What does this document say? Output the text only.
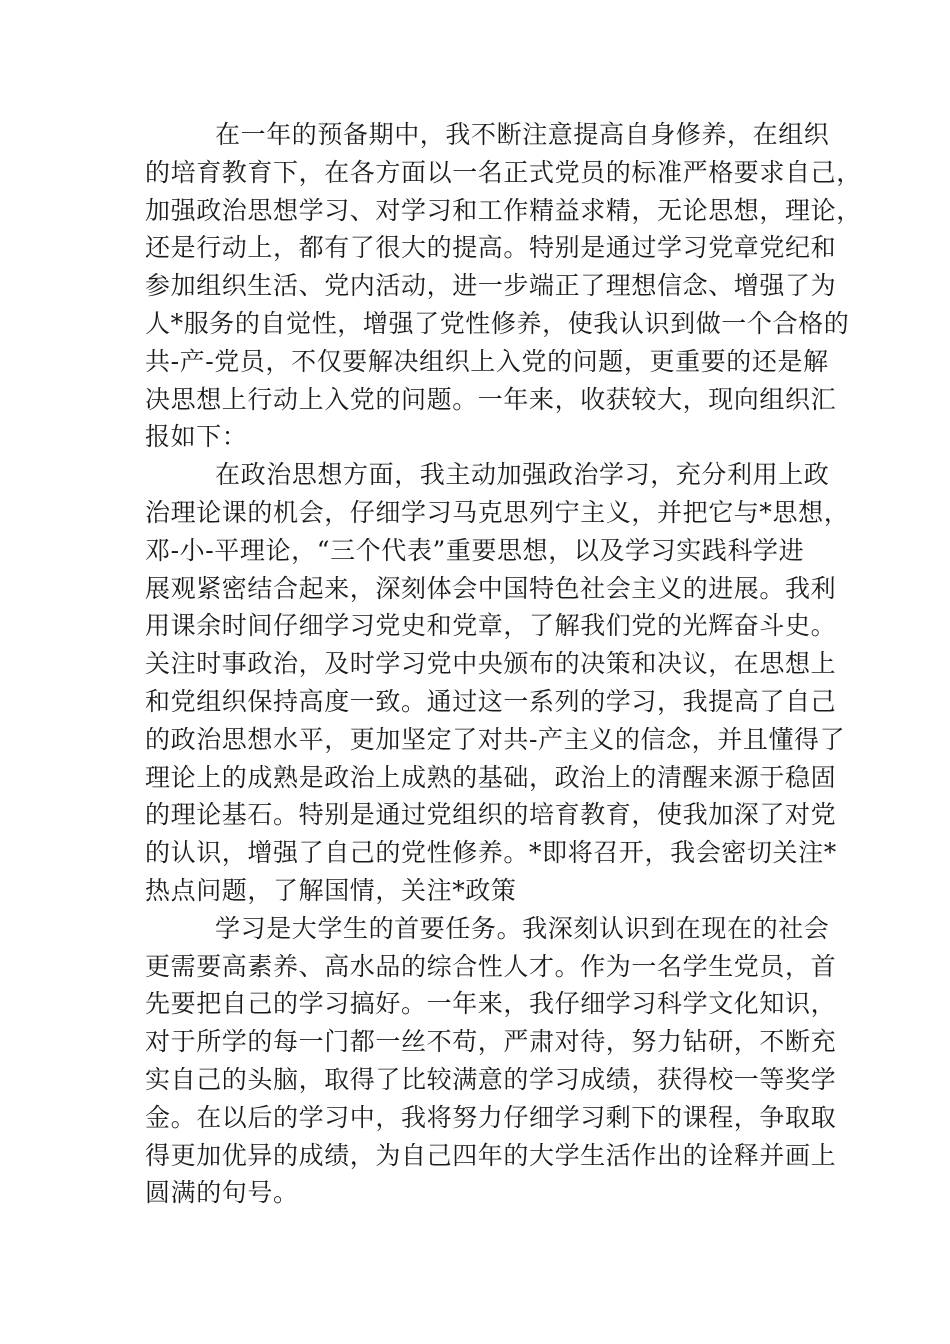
在一年的预备期中，我不断注意提高自身修养，在组织
的培育教育下，在各方面以一名正式党员的标准严格要求自己，
加强政治思想学习、对学习和工作精益求精，无论思想，理论，
还是行动上，都有了很大的提高。特别是通过学习党章党纪和
参加组织生活、党内活动，进一步端正了理想信念、增强了为
人*服务的自觉性，增强了党性修养，使我认识到做一个合格的
共-产-党员，不仅要解决组织上入党的问题，更重要的还是解
决思想上行动上入党的问题。一年来，收获较大，现向组织汇
报如下：
在政治思想方面，我主动加强政治学习，充分利用上政
治理论课的机会，仔细学习马克思列宁主义，并把它与*思想，
邓-小-平理论，“三个代表”重要思想，以及学习实践科学进
展观紧密结合起来，深刻体会中国特色社会主义的进展。我利
用课余时间仔细学习党史和党章，了解我们党的光辉奋斗史。
关注时事政治，及时学习党中央颁布的决策和决议，在思想上
和党组织保持高度一致。通过这一系列的学习，我提高了自己
的政治思想水平，更加坚定了对共-产主义的信念，并且懂得了
理论上的成熟是政治上成熟的基础，政治上的清醒来源于稳固
的理论基石。特别是通过党组织的培育教育，使我加深了对党
的认识，增强了自己的党性修养。*即将召开，我会密切关注*
热点问题，了解国情，关注*政策
学习是大学生的首要任务。我深刻认识到在现在的社会
更需要高素养、高水品的综合性人才。作为一名学生党员，首
先要把自己的学习搞好。一年来，我仔细学习科学文化知识，
对于所学的每一门都一丝不苟，严肃对待，努力钻研，不断充
实自己的头脑，取得了比较满意的学习成绩，获得校一等奖学
金。在以后的学习中，我将努力仔细学习剩下的课程，争取取
得更加优异的成绩，为自己四年的大学生活作出的诠释并画上
圆满的句号。
